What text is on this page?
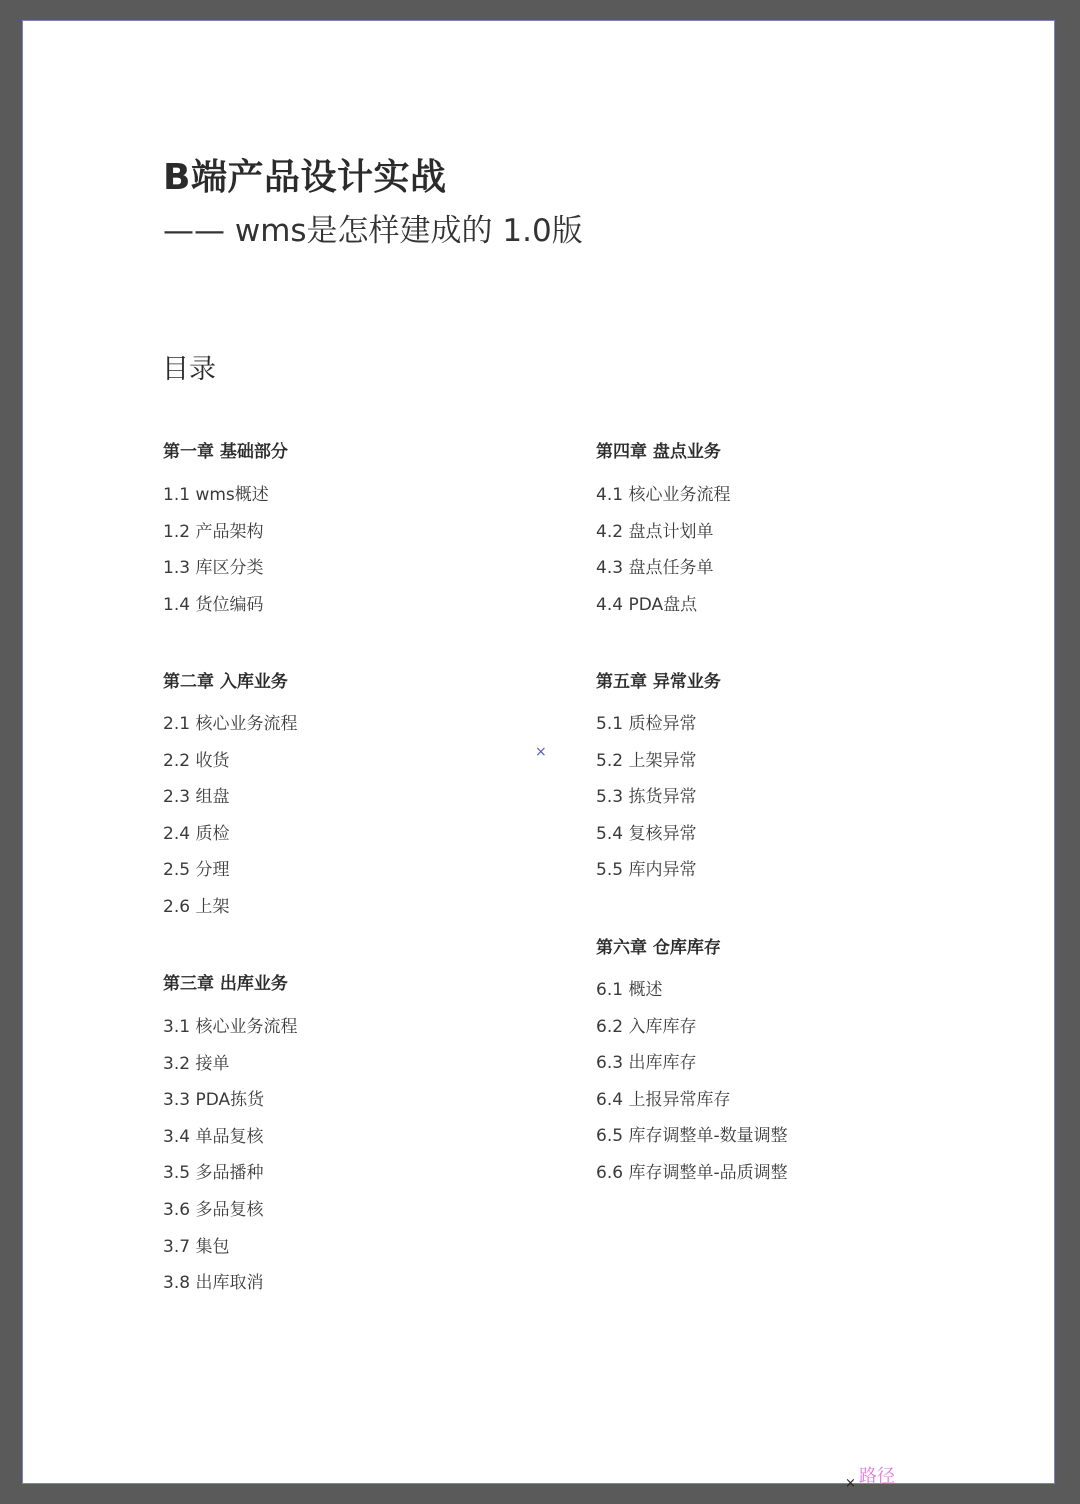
B端产品设计实战
—— wms是怎样建成的 1.0版
目录
第一章 基础部分
1.1 wms概述
1.2 产品架构
1.3 库区分类
1.4 货位编码
第二章 入库业务
2.1 核心业务流程
2.2 收货
2.3 组盘
2.4 质检
2.5 分理
2.6 上架
第三章 出库业务
3.1 核心业务流程
3.2 接单
3.3 PDA拣货
3.4 单品复核
3.5 多品播种
3.6 多品复核
3.7 集包
3.8 出库取消
第四章 盘点业务
4.1 核心业务流程
4.2 盘点计划单
4.3 盘点任务单
4.4 PDA盘点
第五章 异常业务
5.1 质检异常
5.2 上架异常
5.3 拣货异常
5.4 复核异常
5.5 库内异常
第六章 仓库库存
6.1 概述
6.2 入库库存
6.3 出库库存
6.4 上报异常库存
6.5 库存调整单-数量调整
6.6 库存调整单-品质调整
×
× 路径
